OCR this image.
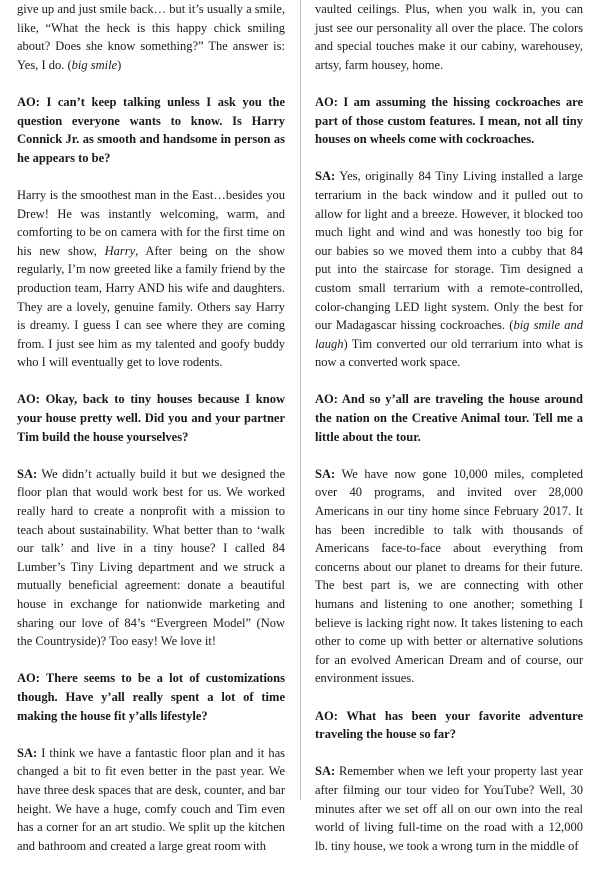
give up and just smile back… but it’s usually a smile, like, “What the heck is this happy chick smiling about? Does she know something?” The answer is: Yes, I do. (big smile)

AO: I can’t keep talking unless I ask you the question everyone wants to know. Is Harry Connick Jr. as smooth and handsome in person as he appears to be?

Harry is the smoothest man in the East…besides you Drew! He was instantly welcoming, warm, and comforting to be on camera with for the first time on his new show, Harry, After being on the show regularly, I’m now greeted like a family friend by the production team, Harry AND his wife and daughters. They are a lovely, genuine family. Others say Harry is dreamy. I guess I can see where they are coming from. I just see him as my talented and goofy buddy who I will eventually get to love rodents.

AO: Okay, back to tiny houses because I know your house pretty well. Did you and your partner Tim build the house yourselves?

SA: We didn’t actually build it but we designed the floor plan that would work best for us. We worked really hard to create a nonprofit with a mission to teach about sustainability. What better than to ‘walk our talk’ and live in a tiny house? I called 84 Lumber’s Tiny Living department and we struck a mutually beneficial agreement: donate a beautiful house in exchange for nationwide marketing and sharing our love of 84’s “Evergreen Model” (Now the Countryside)? Too easy! We love it!

AO: There seems to be a lot of customizations though. Have y’all really spent a lot of time making the house fit y’alls lifestyle?

SA: I think we have a fantastic floor plan and it has changed a bit to fit even better in the past year. We have three desk spaces that are desk, counter, and bar height. We have a huge, comfy couch and Tim even has a corner for an art studio. We split up the kitchen and bathroom and created a large great room with

vaulted ceilings. Plus, when you walk in, you can just see our personality all over the place. The colors and special touches make it our cabiny, warehousey, artsy, farm housey, home.

AO: I am assuming the hissing cockroaches are part of those custom features. I mean, not all tiny houses on wheels come with cockroaches.

SA: Yes, originally 84 Tiny Living installed a large terrarium in the back window and it pulled out to allow for light and a breeze. However, it blocked too much light and wind and was honestly too big for our babies so we moved them into a cubby that 84 put into the staircase for storage. Tim designed a custom small terrarium with a remote-controlled, color-changing LED light system. Only the best for our Madagascar hissing cockroaches. (big smile and laugh) Tim converted our old terrarium into what is now a converted work space.

AO: And so y’all are traveling the house around the nation on the Creative Animal tour. Tell me a little about the tour.

SA: We have now gone 10,000 miles, completed over 40 programs, and invited over 28,000 Americans in our tiny home since February 2017. It has been incredible to talk with thousands of Americans face-to-face about everything from concerns about our planet to dreams for their future. The best part is, we are connecting with other humans and listening to one another; something I believe is lacking right now. It takes listening to each other to come up with better or alternative solutions for an evolved American Dream and of course, our environment issues.

AO: What has been your favorite adventure traveling the house so far?

SA: Remember when we left your property last year after filming our tour video for YouTube? Well, 30 minutes after we set off all on our own into the real world of living full-time on the road with a 12,000 lb. tiny house, we took a wrong turn in the middle of
